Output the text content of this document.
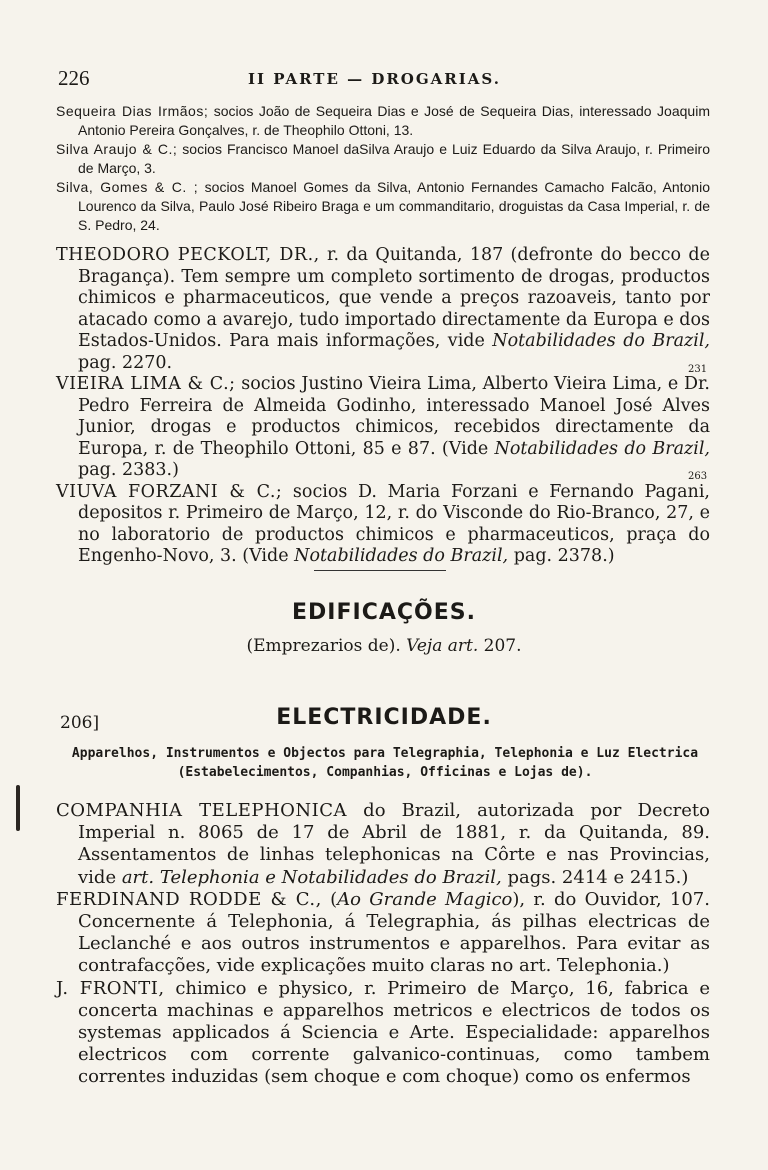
226	II PARTE — DROGARIAS.

Sequeira Dias Irmãos; socios João de Sequeira Dias e José de Sequeira Dias, interessado Joaquim Antonio Pereira Gonçalves, r. de Theophilo Ottoni, 13.

Silva Araujo & C.; socios Francisco Manoel daSilva Araujo e Luiz Eduardo da Silva Araujo, r. Primeiro de Março, 3.

Silva, Gomes & C. ; socios Manoel Gomes da Silva, Antonio Fernandes Camacho Falcão, Antonio Lourenco da Silva, Paulo José Ribeiro Braga e um commanditario, droguistas da Casa Imperial, r. de S. Pedro, 24.

THEODORO PECKOLT, DR., r. da Quitanda, 187 (defronte do becco de Bragança). Tem sempre um completo sortimento de drogas, productos chimicos e pharmaceuticos, que vende a preços razoaveis, tanto por atacado como a avarejo, tudo importado directamente da Europa e dos Estados-Unidos. Para mais informações, vide Notabilidades do Brazil, pag. 2270.	231

VIEIRA LIMA & C.; socios Justino Vieira Lima, Alberto Vieira Lima, e Dr. Pedro Ferreira de Almeida Godinho, interessado Manoel José Alves Junior, drogas e productos chimicos, recebidos directamente da Europa, r. de Theophilo Ottoni, 85 e 87. (Vide Notabilidades do Brazil, pag. 2383.)	263

VIUVA FORZANI & C.; socios D. Maria Forzani e Fernando Pagani, depositos r. Primeiro de Março, 12, r. do Visconde do Rio-Branco, 27, e no laboratorio de productos chimicos e pharmaceuticos, praça do Engenho-Novo, 3. (Vide Notabilidades do Brazil, pag. 2378.)

EDIFICAÇÕES.
(Emprezarios de). Veja art. 207.
206]	ELECTRICIDADE.
Apparelhos, Instrumentos e Objectos para Telegraphia, Telephonia e Luz Electrica (Estabelecimentos, Companhias, Officinas e Lojas de).

COMPANHIA TELEPHONICA do Brazil, autorizada por Decreto Imperial n. 8065 de 17 de Abril de 1881, r. da Quitanda, 89. Assentamentos de linhas telephonicas na Côrte e nas Provincias, vide art. Telephonia e Notabilidades do Brazil, pags. 2414 e 2415.)

FERDINAND RODDE & C., (Ao Grande Magico), r. do Ouvidor, 107. Concernente á Telephonia, á Telegraphia, ás pilhas electricas de Leclanché e aos outros instrumentos e apparelhos. Para evitar as contrafacções, vide explicações muito claras no art. Telephonia.)

J. FRONTI, chimico e physico, r. Primeiro de Março, 16, fabrica e concerta machinas e apparelhos metricos e electricos de todos os systemas applicados á Sciencia e Arte. Especialidade: apparelhos electricos com corrente galvanico-continuas, como tambem correntes induzidas (sem choque e com choque) como os enfermos
